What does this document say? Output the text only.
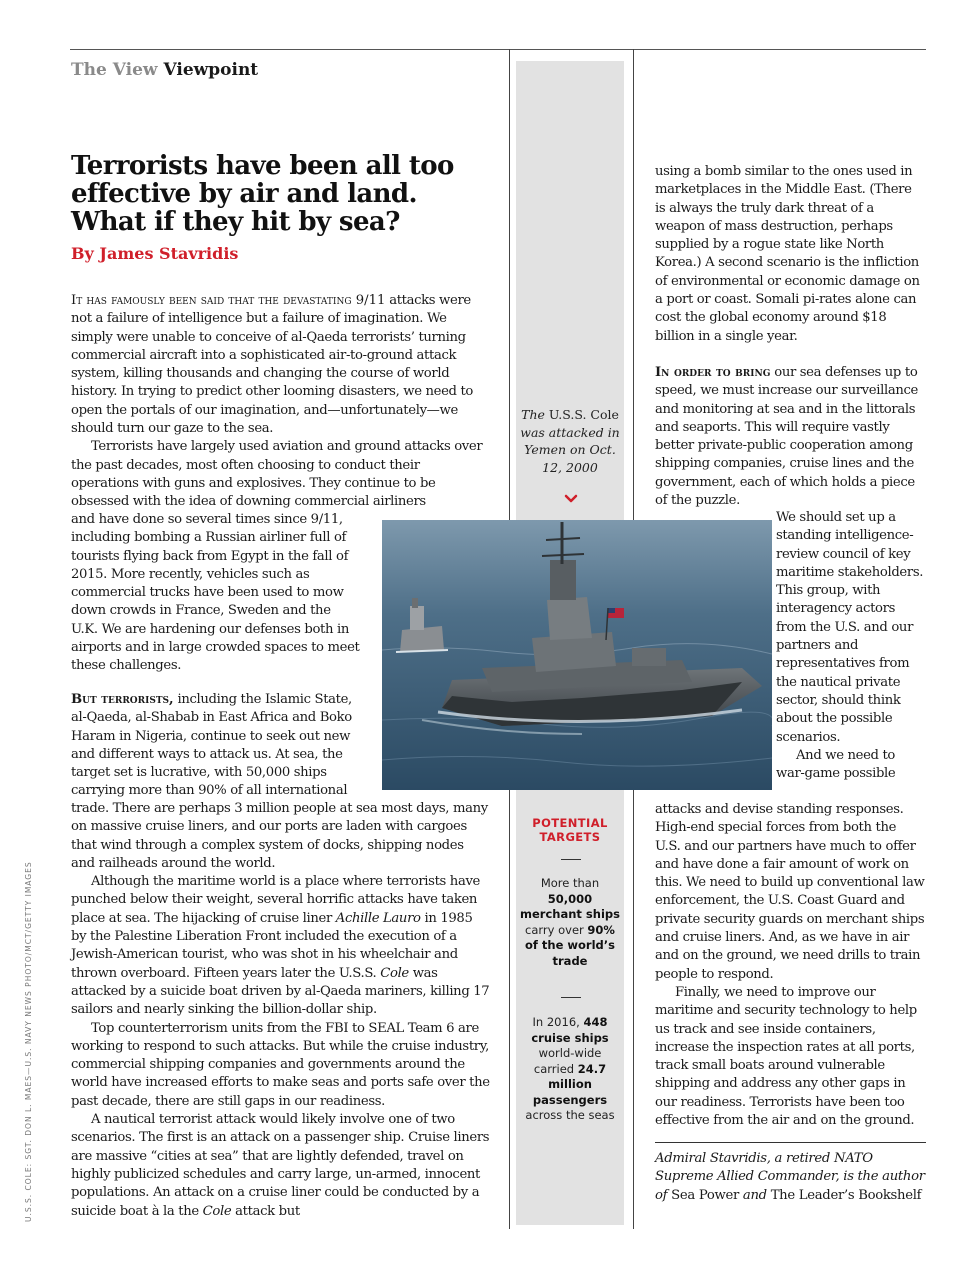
The View Viewpoint
Terrorists have been all too effective by air and land. What if they hit by sea?
By James Stavridis

It has famously been said that the devastating 9/11 attacks were not a failure of intelligence but a failure of imagination. We simply were unable to conceive of al-Qaeda terrorists’ turning commercial aircraft into a sophisticated air-to-ground attack system, killing thousands and changing the course of world history. In trying to predict other looming disasters, we need to open the portals of our imagination, and—unfortunately—we should turn our gaze to the sea.

Terrorists have largely used aviation and ground attacks over the past decades, most often choosing to conduct their operations with guns and explosives. They continue to be obsessed with the idea of downing commercial airliners

and have done so several times since 9/11, including bombing a Russian airliner full of tourists flying back from Egypt in the fall of 2015. More recently, vehicles such as commercial trucks have been used to mow down crowds in France, Sweden and the U.K. We are hardening our defenses both in airports and in large crowded spaces to meet these challenges.

But terrorists, including the Islamic State, al-Qaeda, al-Shabab in East Africa and Boko Haram in Nigeria, continue to seek out new and different ways to attack us. At sea, the target set is lucrative, with 50,000 ships carrying more than 90% of all international

trade. There are perhaps 3 million people at sea most days, many on massive cruise liners, and our ports are laden with cargoes that wind through a complex system of docks, shipping nodes and railheads around the world.

Although the maritime world is a place where terrorists have punched below their weight, several horrific attacks have taken place at sea. The hijacking of cruise liner Achille Lauro in 1985 by the Palestine Liberation Front included the execution of a Jewish-American tourist, who was shot in his wheelchair and thrown overboard. Fifteen years later the U.S.S. Cole was attacked by a suicide boat driven by al-Qaeda mariners, killing 17 sailors and nearly sinking the billion-dollar ship.

Top counterterrorism units from the FBI to SEAL Team 6 are working to respond to such attacks. But while the cruise industry, commercial shipping companies and governments around the world have increased efforts to make seas and ports safe over the past decade, there are still gaps in our readiness.

A nautical terrorist attack would likely involve one of two scenarios. The first is an attack on a passenger ship. Cruise liners are massive “cities at sea” that are lightly defended, travel on highly publicized schedules and carry large, un-armed, innocent populations. An attack on a cruise liner could be conducted by a suicide boat à la the Cole attack but

using a bomb similar to the ones used in marketplaces in the Middle East. (There is always the truly dark threat of a weapon of mass destruction, perhaps supplied by a rogue state like North Korea.) A second scenario is the infliction of environmental or economic damage on a port or coast. Somali pi-rates alone can cost the global economy around $18 billion in a single year.

In order to bring our sea defenses up to speed, we must increase our surveillance and monitoring at sea and in the littorals and seaports. This will require vastly better private-public cooperation among shipping companies, cruise lines and the government, each of which holds a piece of the puzzle.

We should set up a standing intelligence-review council of key maritime stakeholders. This group, with interagency actors from the U.S. and our partners and representatives from the nautical private sector, should think about the possible scenarios.

And we need to war-game possible

attacks and devise standing responses. High-end special forces from both the U.S. and our partners have much to offer and have done a fair amount of work on this. We need to build up conventional law enforcement, the U.S. Coast Guard and private security guards on merchant ships and cruise liners. And, as we have in air and on the ground, we need drills to train people to respond.

Finally, we need to improve our maritime and security technology to help us track and see inside containers, increase the inspection rates at all ports, track small boats around vulnerable shipping and address any other gaps in our readiness. Terrorists have been too effective from the air and on the ground.

Admiral Stavridis, a retired NATO Supreme Allied Commander, is the author of Sea Power and The Leader’s Bookshelf
The U.S.S. Cole was attacked in Yemen on Oct. 12, 2000
POTENTIAL TARGETS
More than 50,000 merchant ships carry over 90% of the world’s trade
In 2016, 448 cruise ships world-wide carried 24.7 million passengers across the seas
U.S.S. COLE: SGT. DON L. MAES—U.S. NAVY NEWS PHOTO/MCT/GETTY IMAGES
